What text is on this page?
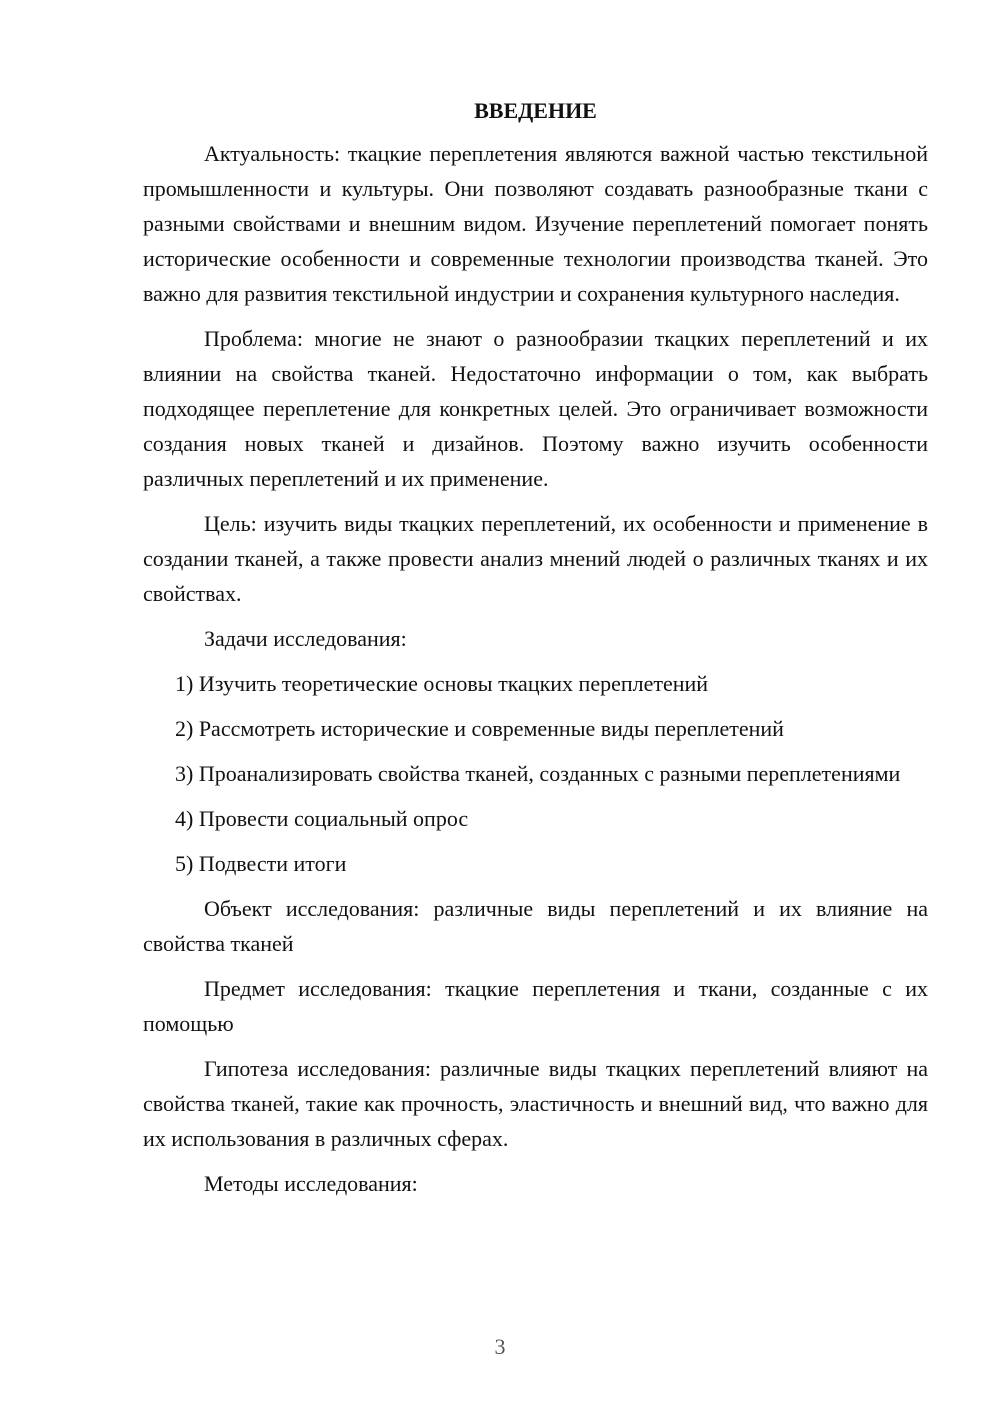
ВВЕДЕНИЕ

Актуальность: ткацкие переплетения являются важной частью текстильной промышленности и культуры. Они позволяют создавать разнообразные ткани с разными свойствами и внешним видом. Изучение переплетений помогает понять исторические особенности и современные технологии производства тканей. Это важно для развития текстильной индустрии и сохранения культурного наследия.

Проблема: многие не знают о разнообразии ткацких переплетений и их влиянии на свойства тканей. Недостаточно информации о том, как выбрать подходящее переплетение для конкретных целей. Это ограничивает возможности создания новых тканей и дизайнов. Поэтому важно изучить особенности различных переплетений и их применение.

Цель: изучить виды ткацких переплетений, их особенности и применение в создании тканей, а также провести анализ мнений людей о различных тканях и их свойствах.

Задачи исследования:

1) Изучить теоретические основы ткацких переплетений

2) Рассмотреть исторические и современные виды переплетений

3) Проанализировать свойства тканей, созданных с разными переплетениями

4) Провести социальный опрос

5) Подвести итоги

Объект исследования: различные виды переплетений и их влияние на свойства тканей

Предмет исследования: ткацкие переплетения и ткани, созданные с их помощью

Гипотеза исследования: различные виды ткацких переплетений влияют на свойства тканей, такие как прочность, эластичность и внешний вид, что важно для их использования в различных сферах.

Методы исследования:

3
